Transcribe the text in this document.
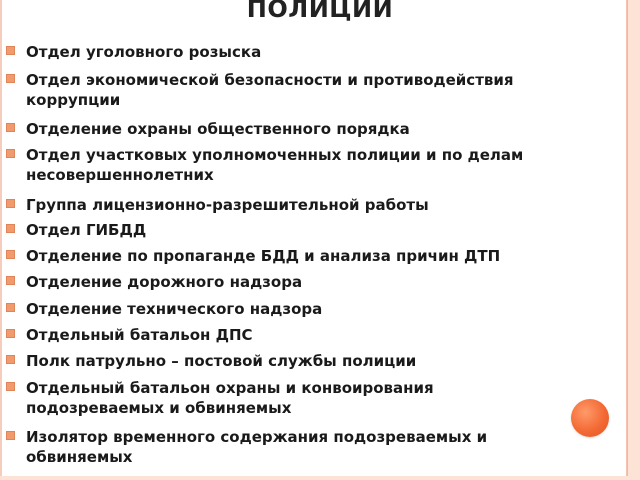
ПОЛИЦИИ
Отдел уголовного розыска
Отдел экономической безопасности и противодействия
коррупции
Отделение охраны общественного порядка
Отдел участковых уполномоченных полиции и по делам
несовершеннолетних
Группа лицензионно-разрешительной работы
Отдел ГИБДД
Отделение по пропаганде БДД и анализа причин ДТП
Отделение дорожного надзора
Отделение технического надзора
Отдельный батальон ДПС
Полк патрульно – постовой службы полиции
Отдельный батальон охраны и конвоирования
подозреваемых и обвиняемых
Изолятор временного содержания подозреваемых и
обвиняемых
